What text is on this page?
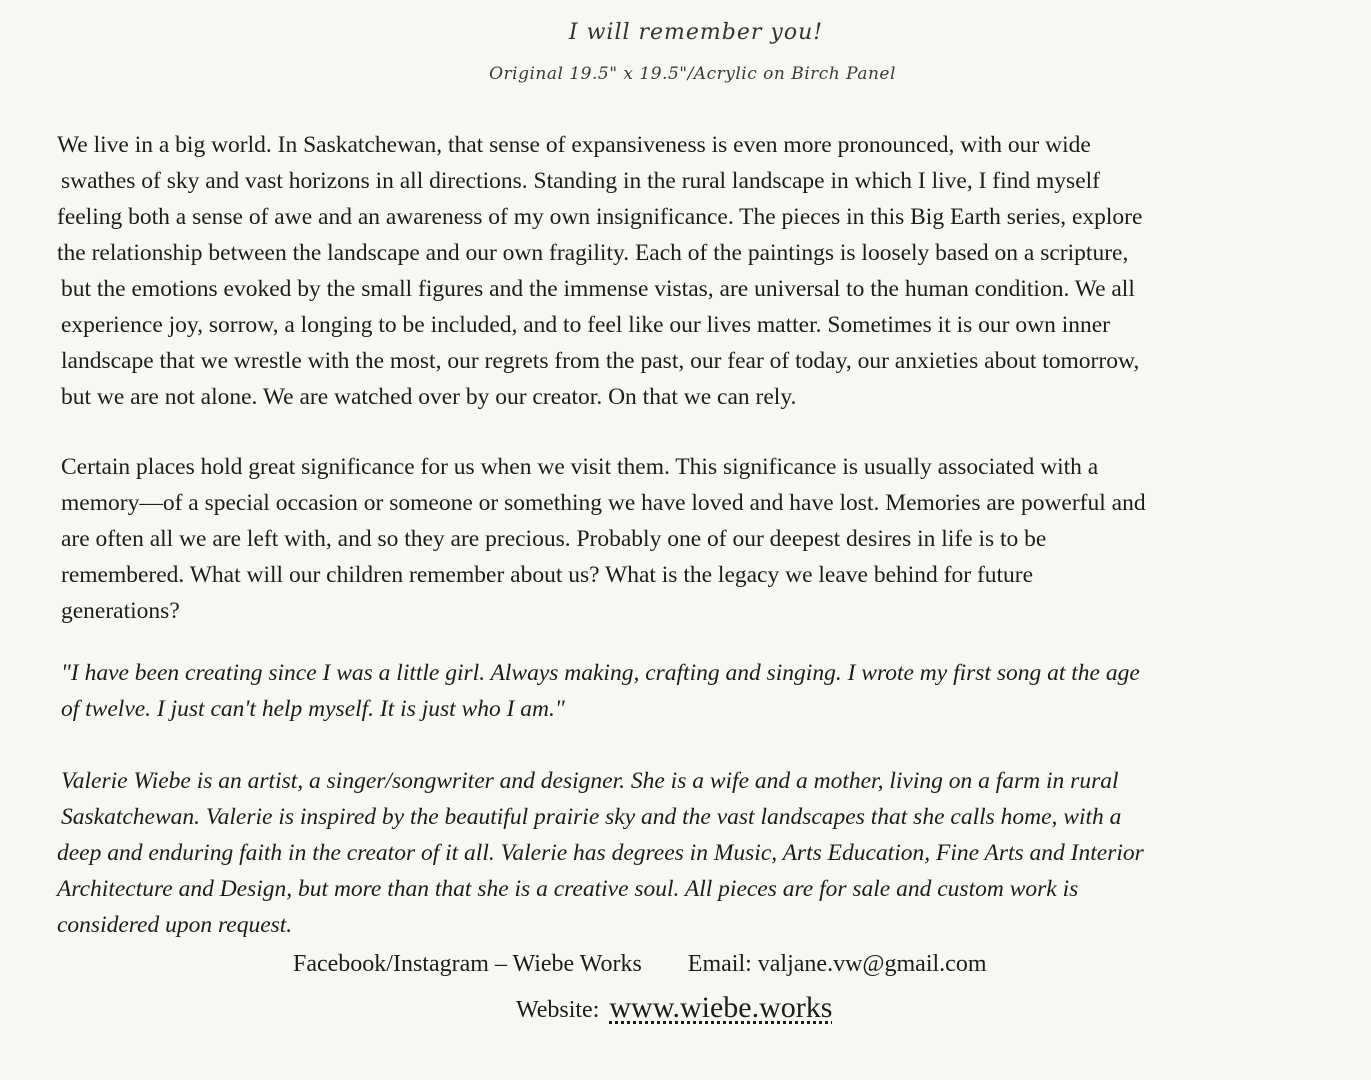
I will remember you!
Original 19.5" x 19.5"/Acrylic on Birch Panel
We live in a big world. In Saskatchewan, that sense of expansiveness is even more pronounced, with our wide
swathes of sky and vast horizons in all directions. Standing in the rural landscape in which I live, I find myself
feeling both a sense of awe and an awareness of my own insignificance. The pieces in this Big Earth series, explore
the relationship between the landscape and our own fragility. Each of the paintings is loosely based on a scripture,
but the emotions evoked by the small figures and the immense vistas, are universal to the human condition. We all
experience joy, sorrow, a longing to be included, and to feel like our lives matter. Sometimes it is our own inner
landscape that we wrestle with the most, our regrets from the past, our fear of today, our anxieties about tomorrow,
but we are not alone. We are watched over by our creator. On that we can rely.
Certain places hold great significance for us when we visit them. This significance is usually associated with a
memory—of a special occasion or someone or something we have loved and have lost. Memories are powerful and
are often all we are left with, and so they are precious. Probably one of our deepest desires in life is to be
remembered. What will our children remember about us? What is the legacy we leave behind for future
generations?
"I have been creating since I was a little girl. Always making, crafting and singing. I wrote my first song at the age
of twelve. I just can't help myself. It is just who I am."
Valerie Wiebe is an artist, a singer/songwriter and designer. She is a wife and a mother, living on a farm in rural
Saskatchewan. Valerie is inspired by the beautiful prairie sky and the vast landscapes that she calls home, with a
deep and enduring faith in the creator of it all. Valerie has degrees in Music, Arts Education, Fine Arts and Interior
Architecture and Design, but more than that she is a creative soul. All pieces are for sale and custom work is
considered upon request.
Facebook/Instagram – Wiebe Works Email: valjane.vw@gmail.com
Website: www.wiebe.works
